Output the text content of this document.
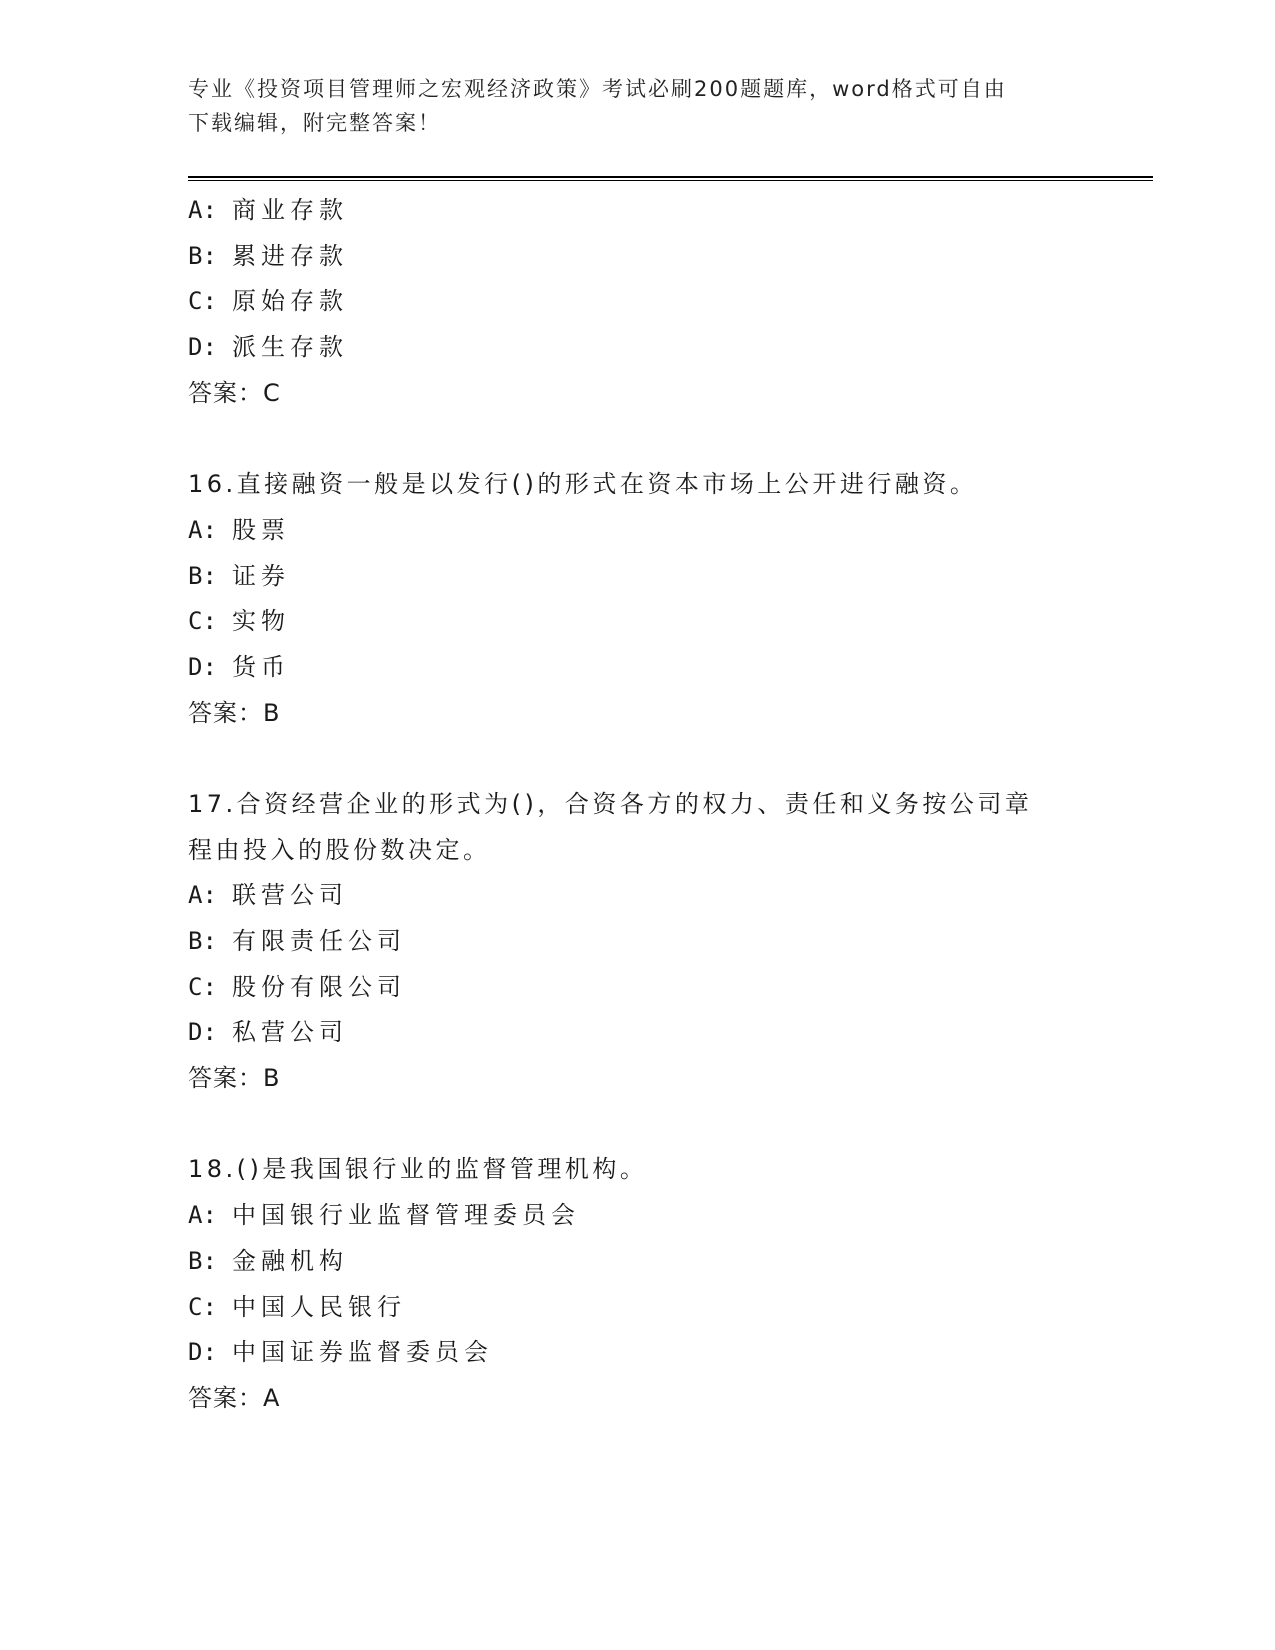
专业《投资项目管理师之宏观经济政策》考试必刷200题题库，word格式可自由
下载编辑，附完整答案！
A: 商业存款
B: 累进存款
C: 原始存款
D: 派生存款
答案：C
16.直接融资一般是以发行()的形式在资本市场上公开进行融资。
A: 股票
B: 证券
C: 实物
D: 货币
答案：B
17.合资经营企业的形式为()，合资各方的权力、责任和义务按公司章
程由投入的股份数决定。
A: 联营公司
B: 有限责任公司
C: 股份有限公司
D: 私营公司
答案：B
18.()是我国银行业的监督管理机构。
A: 中国银行业监督管理委员会
B: 金融机构
C: 中国人民银行
D: 中国证券监督委员会
答案：A
